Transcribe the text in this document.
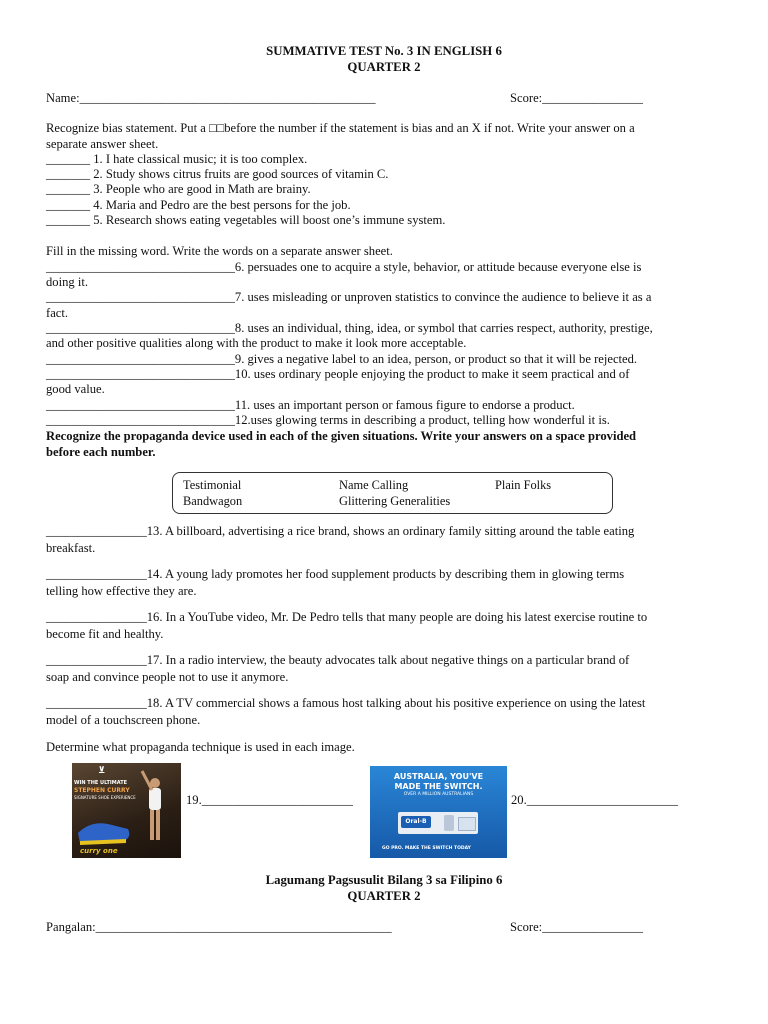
SUMMATIVE TEST No. 3 IN ENGLISH 6
QUARTER 2
Name:_______________________________________________	Score:________________
Recognize bias statement. Put a □□before the number if the statement is bias and an X if not. Write your answer on a
separate answer sheet.
_______ 1. I hate classical music; it is too complex.
_______ 2. Study shows citrus fruits are good sources of vitamin C.
_______ 3. People who are good in Math are brainy.
_______ 4. Maria and Pedro are the best persons for the job.
_______ 5. Research shows eating vegetables will boost one’s immune system.
Fill in the missing word. Write the words on a separate answer sheet.
______________________________6. persuades one to acquire a style, behavior, or attitude because everyone else is
doing it.
______________________________7. uses misleading or unproven statistics to convince the audience to believe it as a
fact.
______________________________8. uses an individual, thing, idea, or symbol that carries respect, authority, prestige,
and other positive qualities along with the product to make it look more acceptable.
______________________________9. gives a negative label to an idea, person, or product so that it will be rejected.
______________________________10. uses ordinary people enjoying the product to make it seem practical and of
good value.
______________________________11. uses an important person or famous figure to endorse a product.
______________________________12.uses glowing terms in describing a product, telling how wonderful it is.
Recognize the propaganda device used in each of the given situations. Write your answers on a space provided
before each number.
Testimonial	Name Calling	Plain Folks
Bandwagon	Glittering Generalities
________________13. A billboard, advertising a rice brand, shows an ordinary family sitting around the table eating
breakfast.
________________14. A young lady promotes her food supplement products by describing them in glowing terms
telling how effective they are.
________________16. In a YouTube video, Mr. De Pedro tells that many people are doing his latest exercise routine to
become fit and healthy.
________________17. In a radio interview, the beauty advocates talk about negative things on a particular brand of
soap and convince people not to use it anymore.
________________18. A TV commercial shows a famous host talking about his positive experience on using the latest
model of a touchscreen phone.
Determine what propaganda technique is used in each image.
⊻
WIN THE ULTIMATE
STEPHEN CURRY
SIGNATURE SHOE EXPERIENCE
curry one
19.________________________
AUSTRALIA, YOU'VE
MADE THE SWITCH.
OVER A MILLION AUSTRALIANS
Oral-B
GO PRO. MAKE THE SWITCH TODAY
20.________________________
Lagumang Pagsusulit Bilang 3 sa Filipino 6
QUARTER 2
Pangalan:_______________________________________________	Score:________________
